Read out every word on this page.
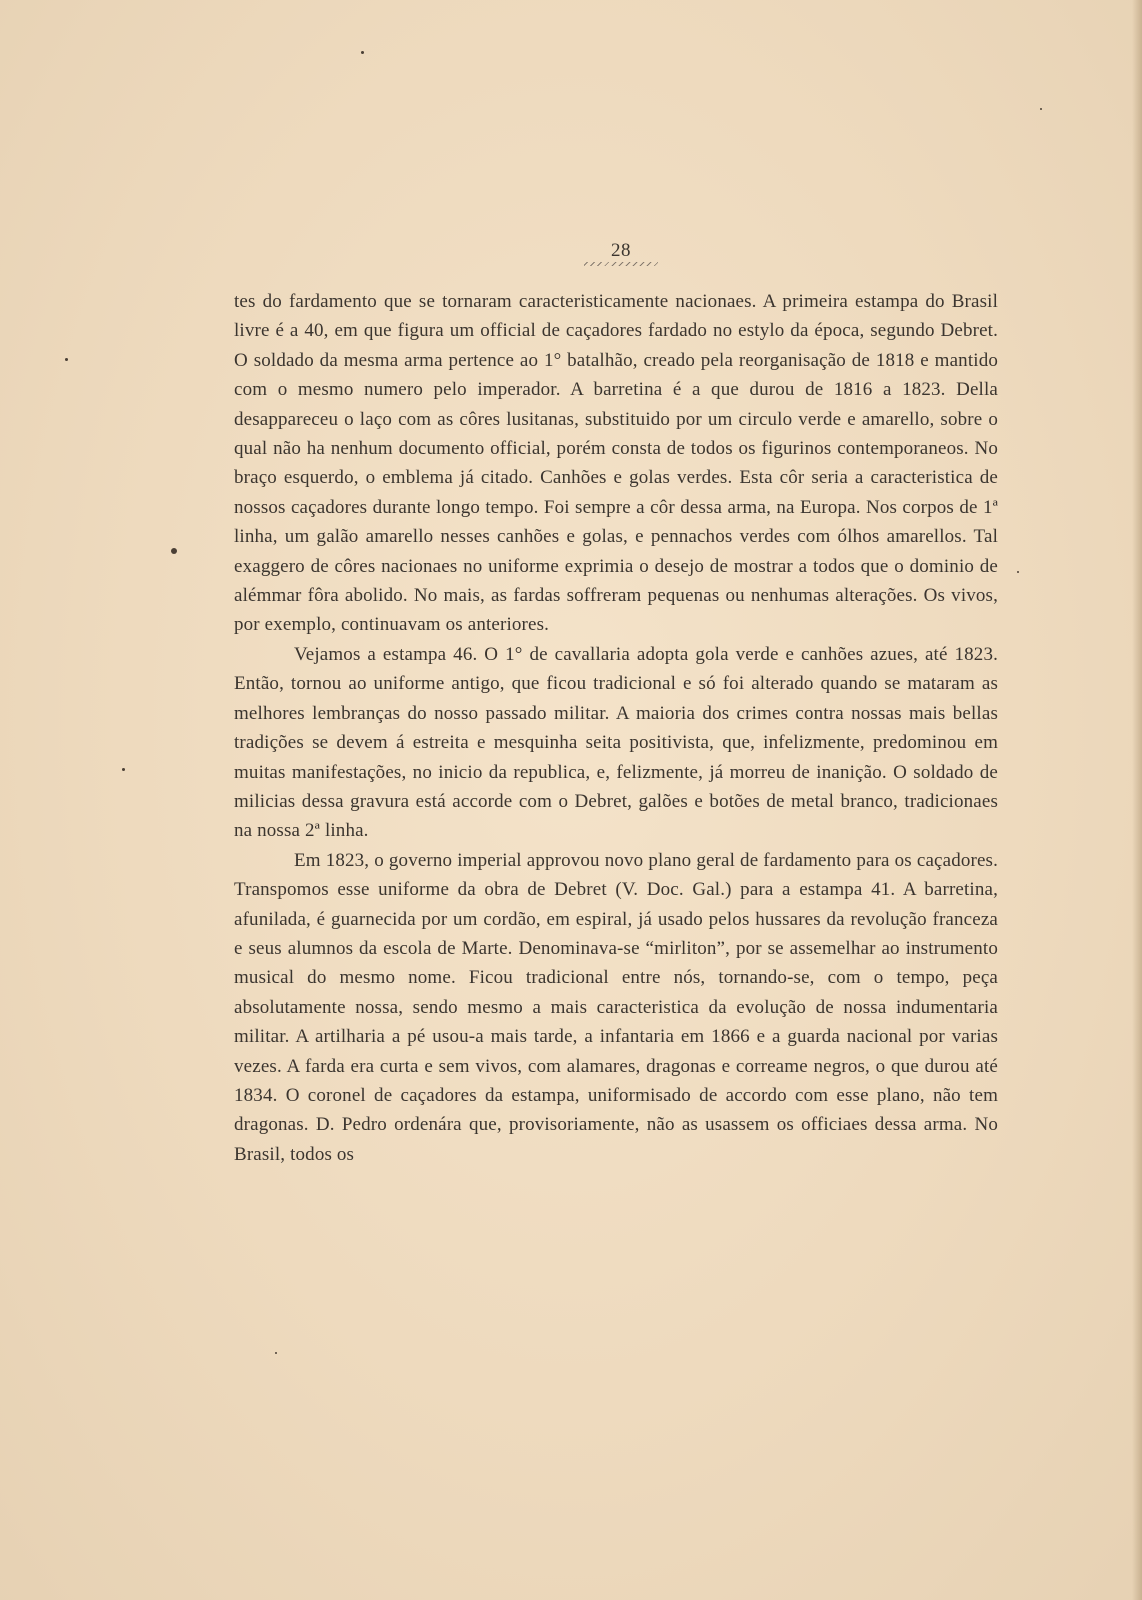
28

tes do fardamento que se tornaram caracteristicamente nacionaes. A primeira estampa do Brasil livre é a 40, em que figura um official de caçadores fardado no estylo da época, segundo Debret. O soldado da mesma arma pertence ao 1° batalhão, creado pela reorganisação de 1818 e mantido com o mesmo numero pelo imperador. A barretina é a que durou de 1816 a 1823. Della desappareceu o laço com as côres lusitanas, substituido por um circulo verde e amarello, sobre o qual não ha nenhum documento official, porém consta de todos os figurinos contemporaneos. No braço esquerdo, o emblema já citado. Canhões e golas verdes. Esta côr seria a caracteristica de nossos caçadores durante longo tempo. Foi sempre a côr dessa arma, na Europa. Nos corpos de 1ª linha, um galão amarello nesses canhões e golas, e pennachos verdes com ólhos amarellos. Tal exaggero de côres nacionaes no uniforme exprimia o desejo de mostrar a todos que o dominio de alémmar fôra abolido. No mais, as fardas soffreram pequenas ou nenhumas alterações. Os vivos, por exemplo, continuavam os anteriores.

Vejamos a estampa 46. O 1° de cavallaria adopta gola verde e canhões azues, até 1823. Então, tornou ao uniforme antigo, que ficou tradicional e só foi alterado quando se mataram as melhores lembranças do nosso passado militar. A maioria dos crimes contra nossas mais bellas tradições se devem á estreita e mesquinha seita positivista, que, infelizmente, predominou em muitas manifestações, no inicio da republica, e, felizmente, já morreu de inanição. O soldado de milicias dessa gravura está accorde com o Debret, galões e botões de metal branco, tradicionaes na nossa 2ª linha.

Em 1823, o governo imperial approvou novo plano geral de fardamento para os caçadores. Transpomos esse uniforme da obra de Debret (V. Doc. Gal.) para a estampa 41. A barretina, afunilada, é guarnecida por um cordão, em espiral, já usado pelos hussares da revolução franceza e seus alumnos da escola de Marte. Denominava-se “mirliton”, por se assemelhar ao instrumento musical do mesmo nome. Ficou tradicional entre nós, tornando-se, com o tempo, peça absolutamente nossa, sendo mesmo a mais caracteristica da evolução de nossa indumentaria militar. A artilharia a pé usou-a mais tarde, a infantaria em 1866 e a guarda nacional por varias vezes. A farda era curta e sem vivos, com alamares, dragonas e correame negros, o que durou até 1834. O coronel de caçadores da estampa, uniformisado de accordo com esse plano, não tem dragonas. D. Pedro ordenára que, provisoriamente, não as usassem os officiaes dessa arma. No Brasil, todos os
